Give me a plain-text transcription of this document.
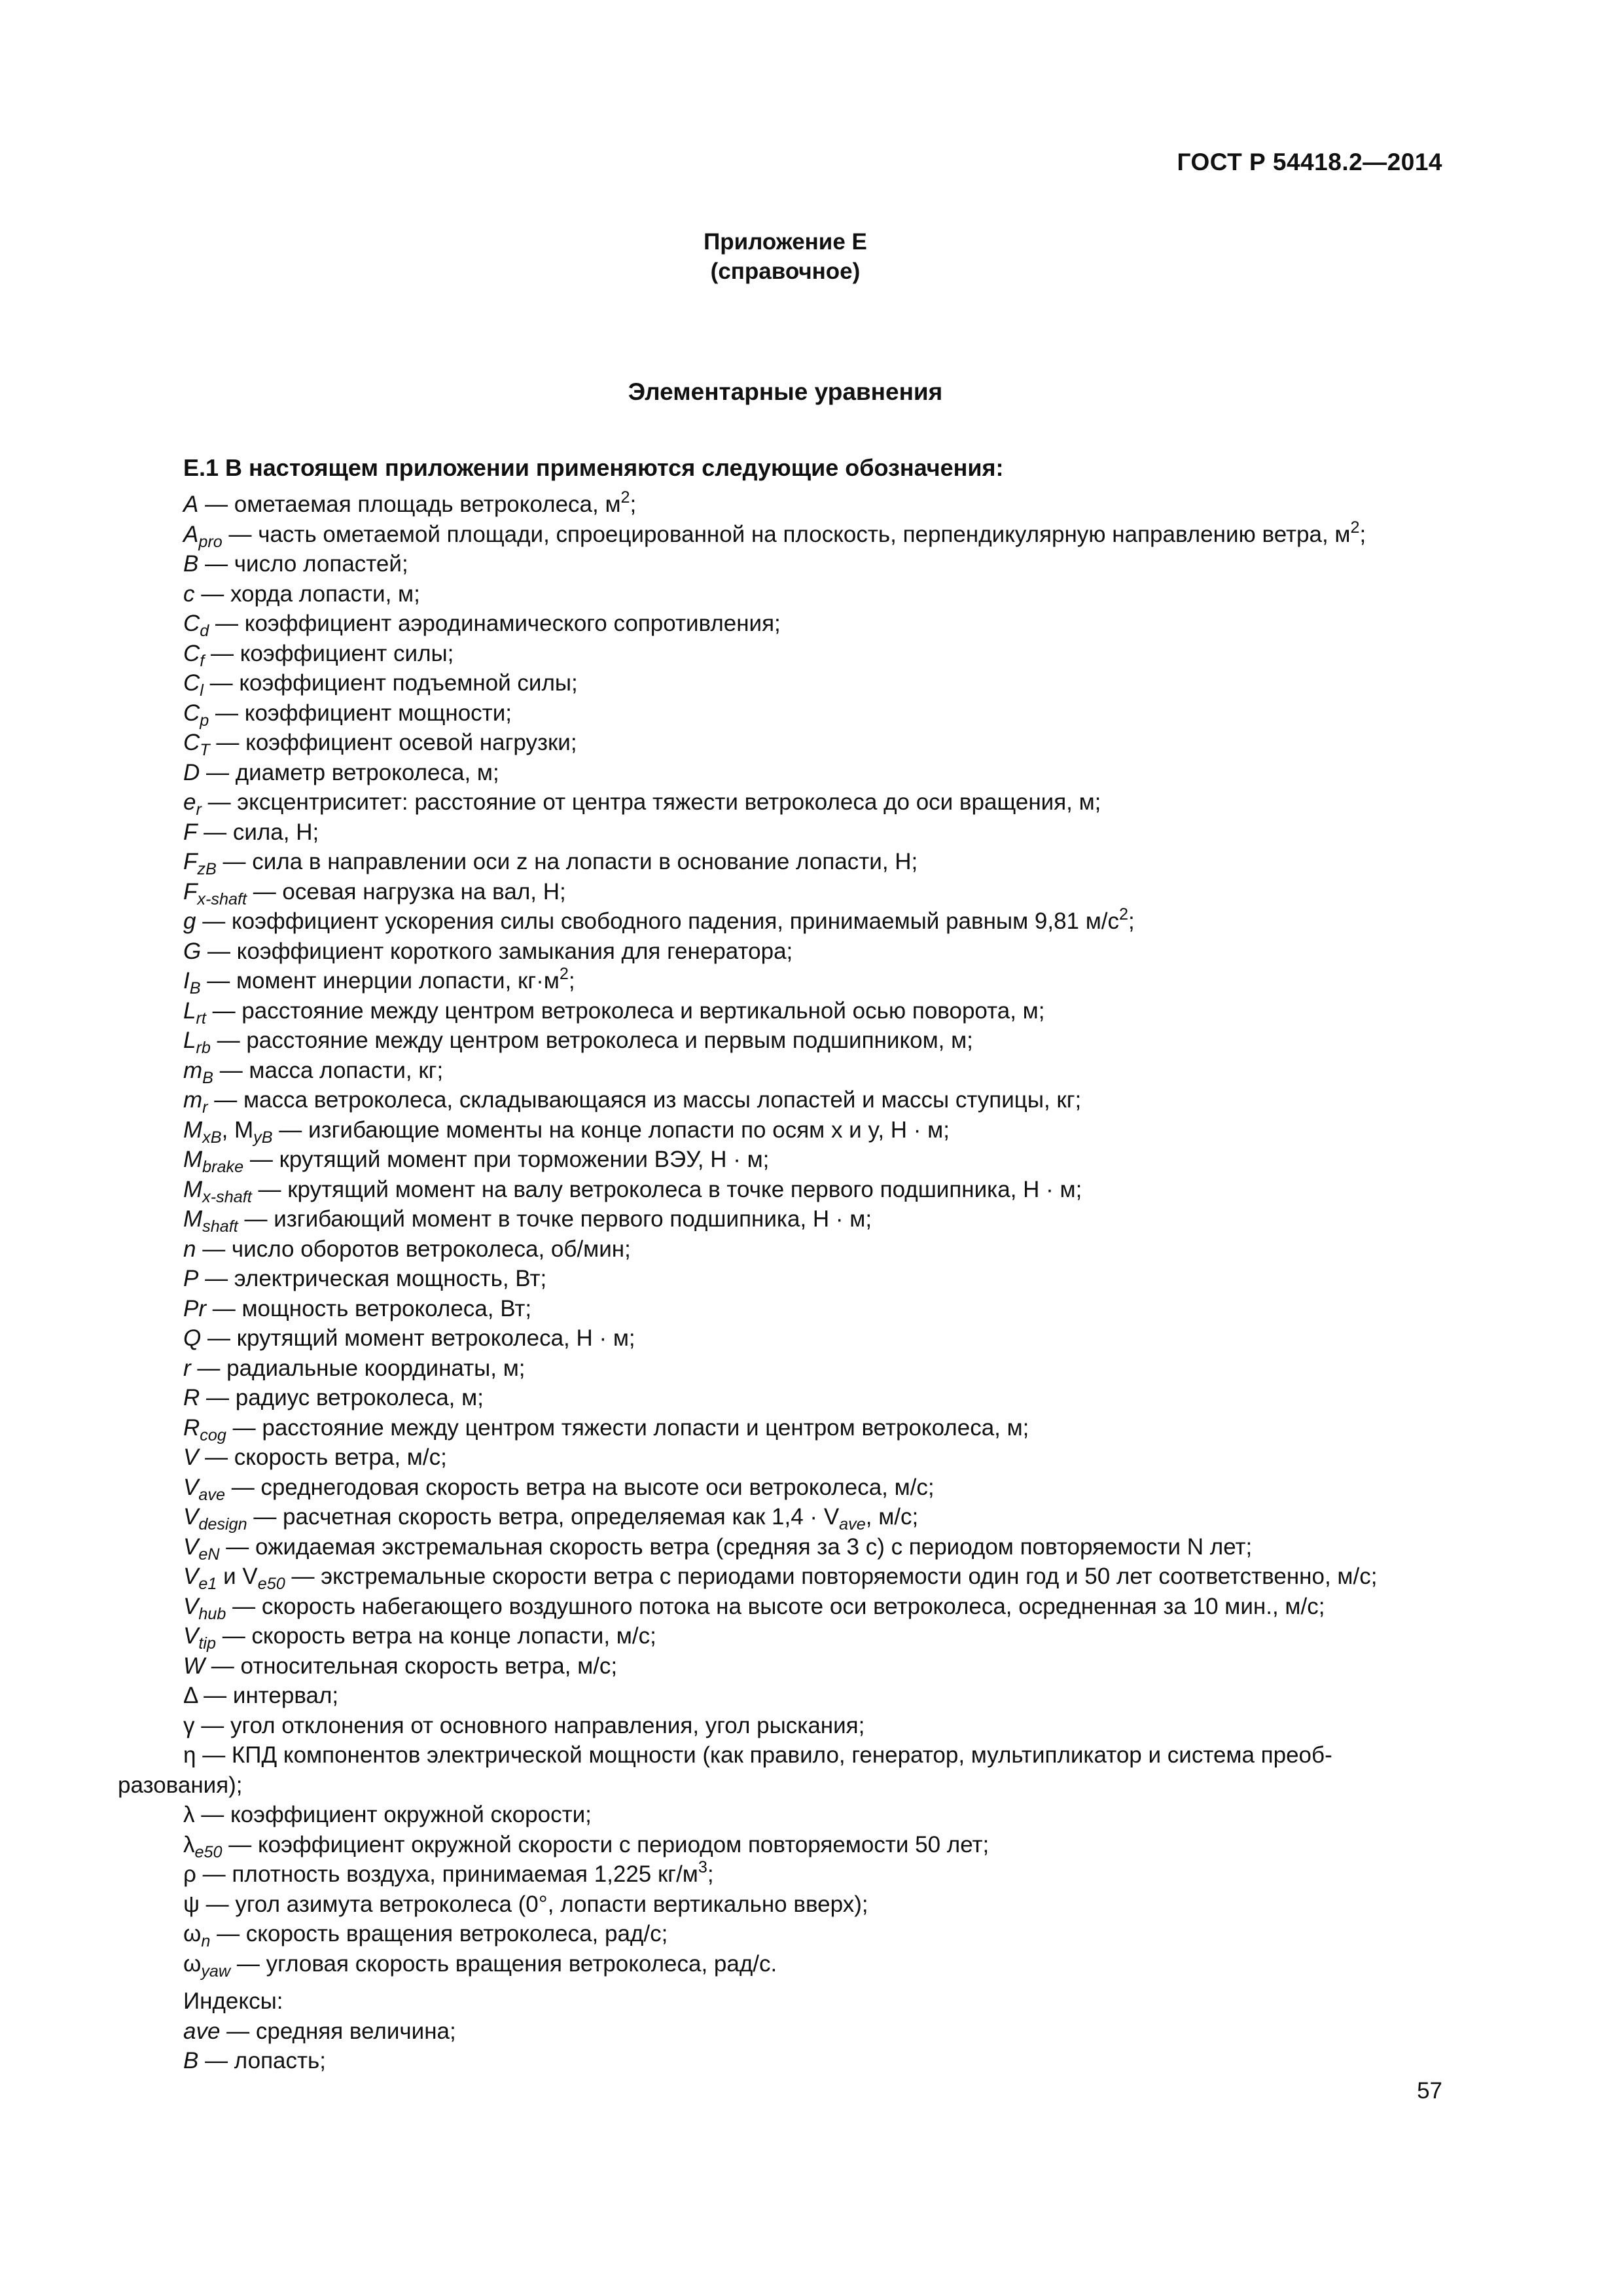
ГОСТ Р 54418.2—2014
Приложение Е
(справочное)
Элементарные уравнения
Е.1 В настоящем приложении применяются следующие обозначения:
A — ометаемая площадь ветроколеса, $м^2$;
$A_{pro}$ — часть ометаемой площади, спроецированной на плоскость, перпендикулярную направлению ветра, $м^2$;
B — число лопастей;
c — хорда лопасти, м;
$C_d$ — коэффициент аэродинамического сопротивления;
$C_f$ — коэффициент силы;
$C_l$ — коэффициент подъемной силы;
$C_p$ — коэффициент мощности;
$C_T$ — коэффициент осевой нагрузки;
D — диаметр ветроколеса, м;
$e_r$ — эксцентриситет: расстояние от центра тяжести ветроколеса до оси вращения, м;
F — сила, Н;
$F_{zB}$ — сила в направлении оси z на лопасти в основание лопасти, Н;
$F_{x-shaft}$ — осевая нагрузка на вал, Н;
g — коэффициент ускорения силы свободного падения, принимаемый равным 9,81 $м/с^2$;
G — коэффициент короткого замыкания для генератора;
$I_B$ — момент инерции лопасти, $кг\cdot м^2$;
$L_{rt}$ — расстояние между центром ветроколеса и вертикальной осью поворота, м;
$L_{rb}$ — расстояние между центром ветроколеса и первым подшипником, м;
$m_B$ — масса лопасти, кг;
$m_r$ — масса ветроколеса, складывающаяся из массы лопастей и массы ступицы, кг;
$M_{xB}$, $M_{yB}$ — изгибающие моменты на конце лопасти по осям x и y, Н · м;
$M_{brake}$ — крутящий момент при торможении ВЭУ, Н · м;
$M_{x-shaft}$ — крутящий момент на валу ветроколеса в точке первого подшипника, Н · м;
$M_{shaft}$ — изгибающий момент в точке первого подшипника, Н · м;
n — число оборотов ветроколеса, об/мин;
P — электрическая мощность, Вт;
Pr — мощность ветроколеса, Вт;
Q — крутящий момент ветроколеса, Н · м;
r — радиальные координаты, м;
R — радиус ветроколеса, м;
$R_{cog}$ — расстояние между центром тяжести лопасти и центром ветроколеса, м;
V — скорость ветра, м/с;
$V_{ave}$ — среднегодовая скорость ветра на высоте оси ветроколеса, м/с;
$V_{design}$ — расчетная скорость ветра, определяемая как $1,4 \cdot V_{ave}$, м/с;
$V_{eN}$ — ожидаемая экстремальная скорость ветра (средняя за 3 с) с периодом повторяемости N лет;
$V_{e1}$ и $V_{e50}$ — экстремальные скорости ветра с периодами повторяемости один год и 50 лет соответственно, м/с;
$V_{hub}$ — скорость набегающего воздушного потока на высоте оси ветроколеса, осредненная за 10 мин., м/с;
$V_{tip}$ — скорость ветра на конце лопасти, м/с;
W — относительная скорость ветра, м/с;
Δ — интервал;
γ — угол отклонения от основного направления, угол рыскания;
η — КПД компонентов электрической мощности (как правило, генератор, мультипликатор и система преоб-
разования);
λ — коэффициент окружной скорости;
$\lambda_{e50}$ — коэффициент окружной скорости с периодом повторяемости 50 лет;
ρ — плотность воздуха, принимаемая 1,225 $кг/м^3$;
ψ — угол азимута ветроколеса (0°, лопасти вертикально вверх);
$\omega_n$ — скорость вращения ветроколеса, рад/с;
$\omega_{yaw}$ — угловая скорость вращения ветроколеса, рад/с.
Индексы:
ave — средняя величина;
B — лопасть;
57
